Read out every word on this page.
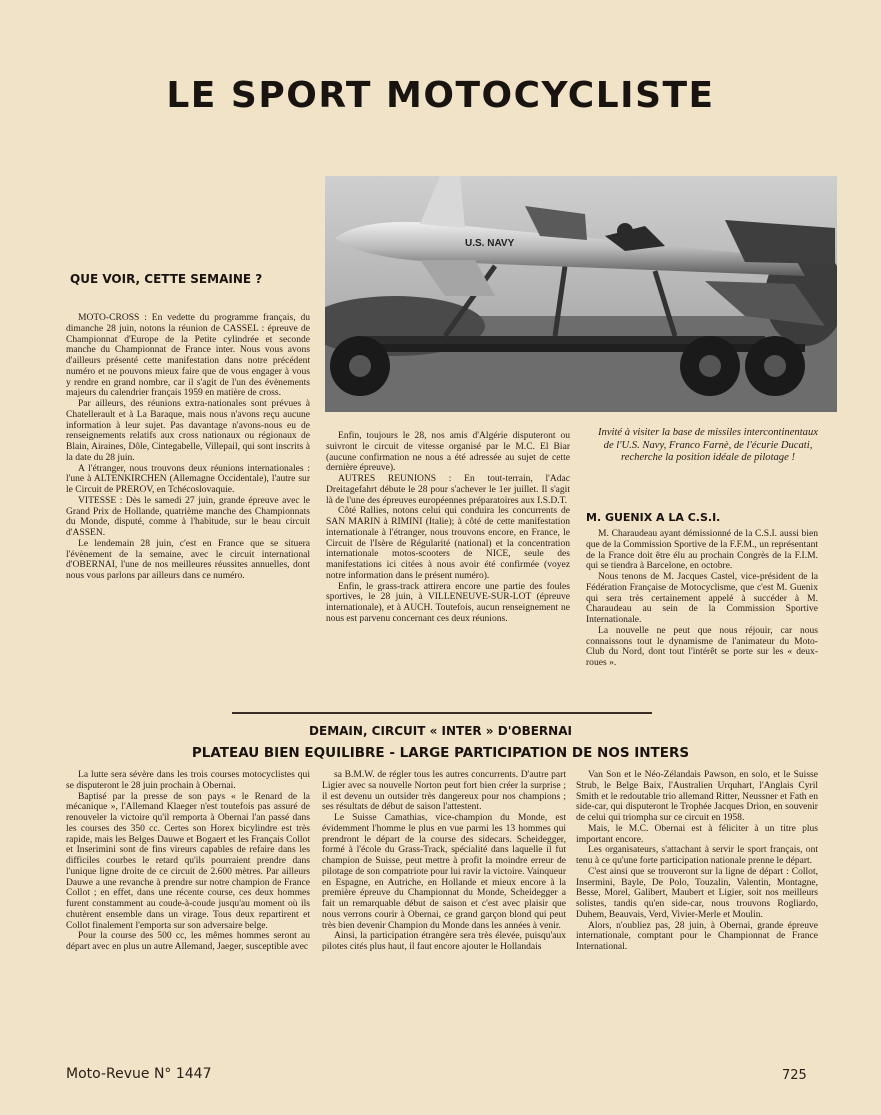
LE SPORT MOTOCYCLISTE
U.S. NAVY
QUE VOIR, CETTE SEMAINE ?

MOTO-CROSS : En vedette du programme français, du dimanche 28 juin, notons la réunion de CASSEL : épreuve de Championnat d'Europe de la Petite cylindrée et seconde manche du Championnat de France inter. Nous vous avons d'ailleurs présenté cette manifestation dans notre précédent numéro et ne pouvons mieux faire que de vous engager à vous y rendre en grand nombre, car il s'agit de l'un des évènements majeurs du calendrier français 1959 en matière de cross.

Par ailleurs, des réunions extra-nationales sont prévues à Chatellerault et à La Baraque, mais nous n'avons reçu aucune information à leur sujet. Pas davantage n'avons-nous eu de renseignements relatifs aux cross nationaux ou régionaux de Blain, Airaines, Dôle, Cintegabelle, Villepail, qui sont inscrits à la date du 28 juin.

A l'étranger, nous trouvons deux réunions internationales : l'une à ALTENKIRCHEN (Allemagne Occidentale), l'autre sur le Circuit de PREROV, en Tchécoslovaquie.

VITESSE : Dès le samedi 27 juin, grande épreuve avec le Grand Prix de Hollande, quatrième manche des Championnats du Monde, disputé, comme à l'habitude, sur le beau circuit d'ASSEN.

Le lendemain 28 juin, c'est en France que se situera l'évènement de la semaine, avec le circuit international d'OBERNAI, l'une de nos meilleures réussites annuelles, dont nous vous parlons par ailleurs dans ce numéro.

Enfin, toujours le 28, nos amis d'Algérie disputeront ou suivront le circuit de vitesse organisé par le M.C. El Biar (aucune confirmation ne nous a été adressée au sujet de cette dernière épreuve).

AUTRES REUNIONS : En tout-terrain, l'Adac Dreitagefahrt débute le 28 pour s'achever le 1er juillet. Il s'agit là de l'une des épreuves européennes préparatoires aux I.S.D.T.

Côté Rallies, notons celui qui conduira les concurrents de SAN MARIN à RIMINI (Italie); à côté de cette manifestation internationale à l'étranger, nous trouvons encore, en France, le Circuit de l'Isère de Régularité (national) et la concentration internationale motos-scooters de NICE, seule des manifestations ici citées à nous avoir été confirmée (voyez notre information dans le présent numéro).

Enfin, le grass-track attirera encore une partie des foules sportives, le 28 juin, à VILLENEUVE-SUR-LOT (épreuve internationale), et à AUCH. Toutefois, aucun renseignement ne nous est parvenu concernant ces deux réunions.

Invité à visiter la base de missiles intercontinentaux de l'U.S. Navy, Franco Farnè, de l'écurie Ducati, recherche la position idéale de pilotage !
M. GUENIX A LA C.S.I.

M. Charaudeau ayant démissionné de la C.S.I. aussi bien que de la Commission Sportive de la F.F.M., un représentant de la France doit être élu au prochain Congrès de la F.I.M. qui se tiendra à Barcelone, en octobre.

Nous tenons de M. Jacques Castel, vice-président de la Fédération Française de Motocyclisme, que c'est M. Guenix qui sera très certainement appelé à succéder à M. Charaudeau au sein de la Commission Sportive Internationale.

La nouvelle ne peut que nous réjouir, car nous connaissons tout le dynamisme de l'animateur du Moto-Club du Nord, dont tout l'intérêt se porte sur les « deux-roues ».

DEMAIN, CIRCUIT « INTER » D'OBERNAI
PLATEAU BIEN EQUILIBRE - LARGE PARTICIPATION DE NOS INTERS

La lutte sera sévère dans les trois courses motocyclistes qui se disputeront le 28 juin prochain à Obernai.

Baptisé par la presse de son pays « le Renard de la mécanique », l'Allemand Klaeger n'est toutefois pas assuré de renouveler la victoire qu'il remporta à Obernai l'an passé dans les courses des 350 cc. Certes son Horex bicylindre est très rapide, mais les Belges Dauwe et Bogaert et les Français Collot et Inserimini sont de fins vireurs capables de refaire dans les difficiles courbes le retard qu'ils pourraient prendre dans l'unique ligne droite de ce circuit de 2.600 mètres. Par ailleurs Dauwe a une revanche à prendre sur notre champion de France Collot ; en effet, dans une récente course, ces deux hommes furent constamment au coude-à-coude jusqu'au moment où ils chutèrent ensemble dans un virage. Tous deux repartirent et Collot finalement l'emporta sur son adversaire belge.

Pour la course des 500 cc, les mêmes hommes seront au départ avec en plus un autre Allemand, Jaeger, susceptible avec

sa B.M.W. de régler tous les autres concurrents. D'autre part Ligier avec sa nouvelle Norton peut fort bien créer la surprise ; il est devenu un outsider très dangereux pour nos champions ; ses résultats de début de saison l'attestent.

Le Suisse Camathias, vice-champion du Monde, est évidemment l'homme le plus en vue parmi les 13 hommes qui prendront le départ de la course des sidecars. Scheidegger, formé à l'école du Grass-Track, spécialité dans laquelle il fut champion de Suisse, peut mettre à profit la moindre erreur de pilotage de son compatriote pour lui ravir la victoire. Vainqueur en Espagne, en Autriche, en Hollande et mieux encore à la première épreuve du Championnat du Monde, Scheidegger a fait un remarquable début de saison et c'est avec plaisir que nous verrons courir à Obernai, ce grand garçon blond qui peut très bien devenir Champion du Monde dans les années à venir.

Ainsi, la participation étrangère sera très élevée, puisqu'aux pilotes cités plus haut, il faut encore ajouter le Hollandais

Van Son et le Néo-Zélandais Pawson, en solo, et le Suisse Strub, le Belge Baix, l'Australien Urquhart, l'Anglais Cyril Smith et le redoutable trio allemand Ritter, Neussner et Fath en side-car, qui disputeront le Trophée Jacques Drion, en souvenir de celui qui triompha sur ce circuit en 1958.

Mais, le M.C. Obernai est à féliciter à un titre plus important encore.

Les organisateurs, s'attachant à servir le sport français, ont tenu à ce qu'une forte participation nationale prenne le départ.

C'est ainsi que se trouveront sur la ligne de départ : Collot, Insermini, Bayle, De Polo, Touzalin, Valentin, Montagne, Besse, Morel, Galibert, Maubert et Ligier, soit nos meilleurs solistes, tandis qu'en side-car, nous trouvons Rogliardo, Duhem, Beauvais, Verd, Vivier-Merle et Moulin.

Alors, n'oubliez pas, 28 juin, à Obernai, grande épreuve internationale, comptant pour le Championnat de France International.

Moto-Revue N° 1447	725
